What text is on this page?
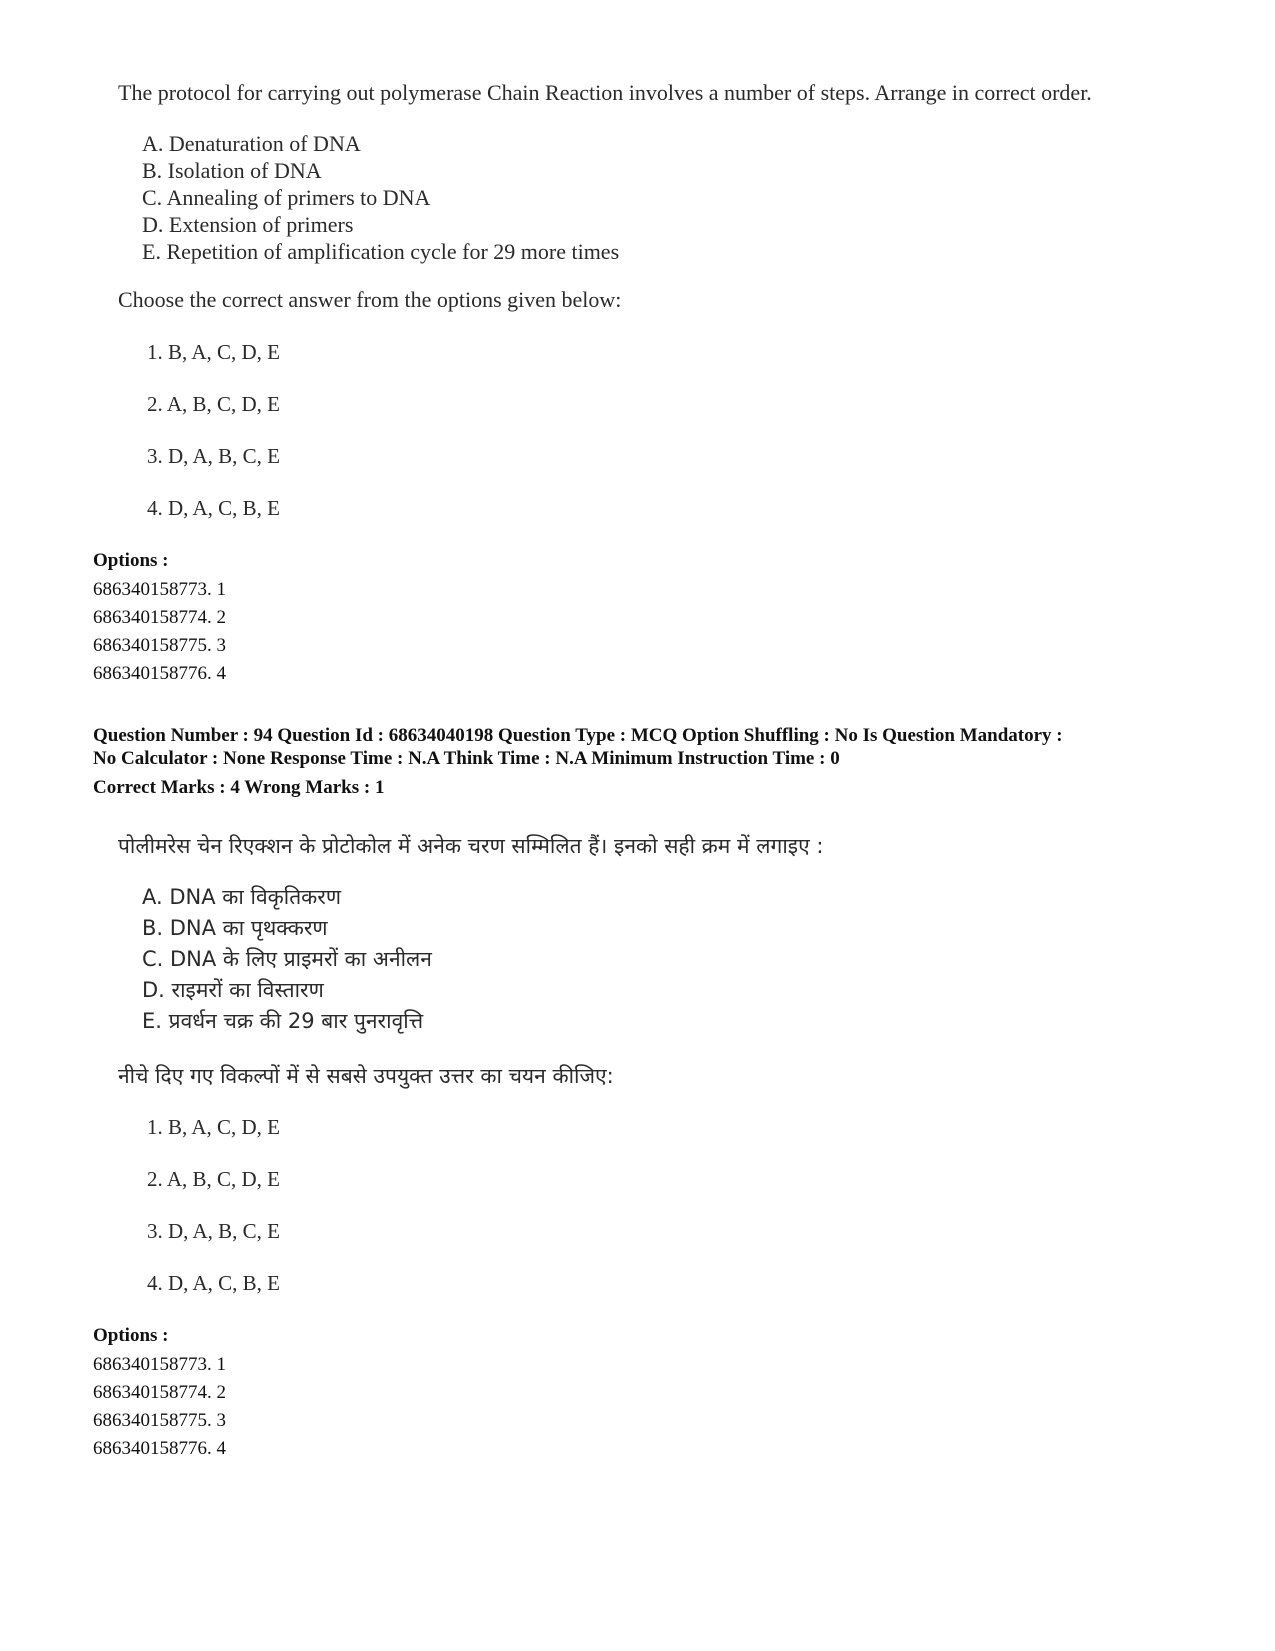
The protocol for carrying out polymerase Chain Reaction involves a number of steps. Arrange in correct order.
A. Denaturation of DNA
B. Isolation of DNA
C. Annealing of primers to DNA
D. Extension of primers
E. Repetition of amplification cycle for 29 more times
Choose the correct answer from the options given below:
1. B, A, C, D, E
2. A, B, C, D, E
3. D, A, B, C, E
4. D, A, C, B, E
Options :
686340158773. 1
686340158774. 2
686340158775. 3
686340158776. 4
Question Number : 94 Question Id : 68634040198 Question Type : MCQ Option Shuffling : No Is Question Mandatory :
No Calculator : None Response Time : N.A Think Time : N.A Minimum Instruction Time : 0
Correct Marks : 4 Wrong Marks : 1
पोलीमरेस चेन रिएक्शन के प्रोटोकोल में अनेक चरण सम्मिलित हैं। इनको सही क्रम में लगाइए :
A. DNA का विकृतिकरण
B. DNA का पृथक्करण
C. DNA के लिए प्राइमरों का अनीलन
D. राइमरों का विस्तारण
E. प्रवर्धन चक्र की 29 बार पुनरावृत्ति
नीचे दिए गए विकल्पों में से सबसे उपयुक्त उत्तर का चयन कीजिए:
1. B, A, C, D, E
2. A, B, C, D, E
3. D, A, B, C, E
4. D, A, C, B, E
Options :
686340158773. 1
686340158774. 2
686340158775. 3
686340158776. 4
